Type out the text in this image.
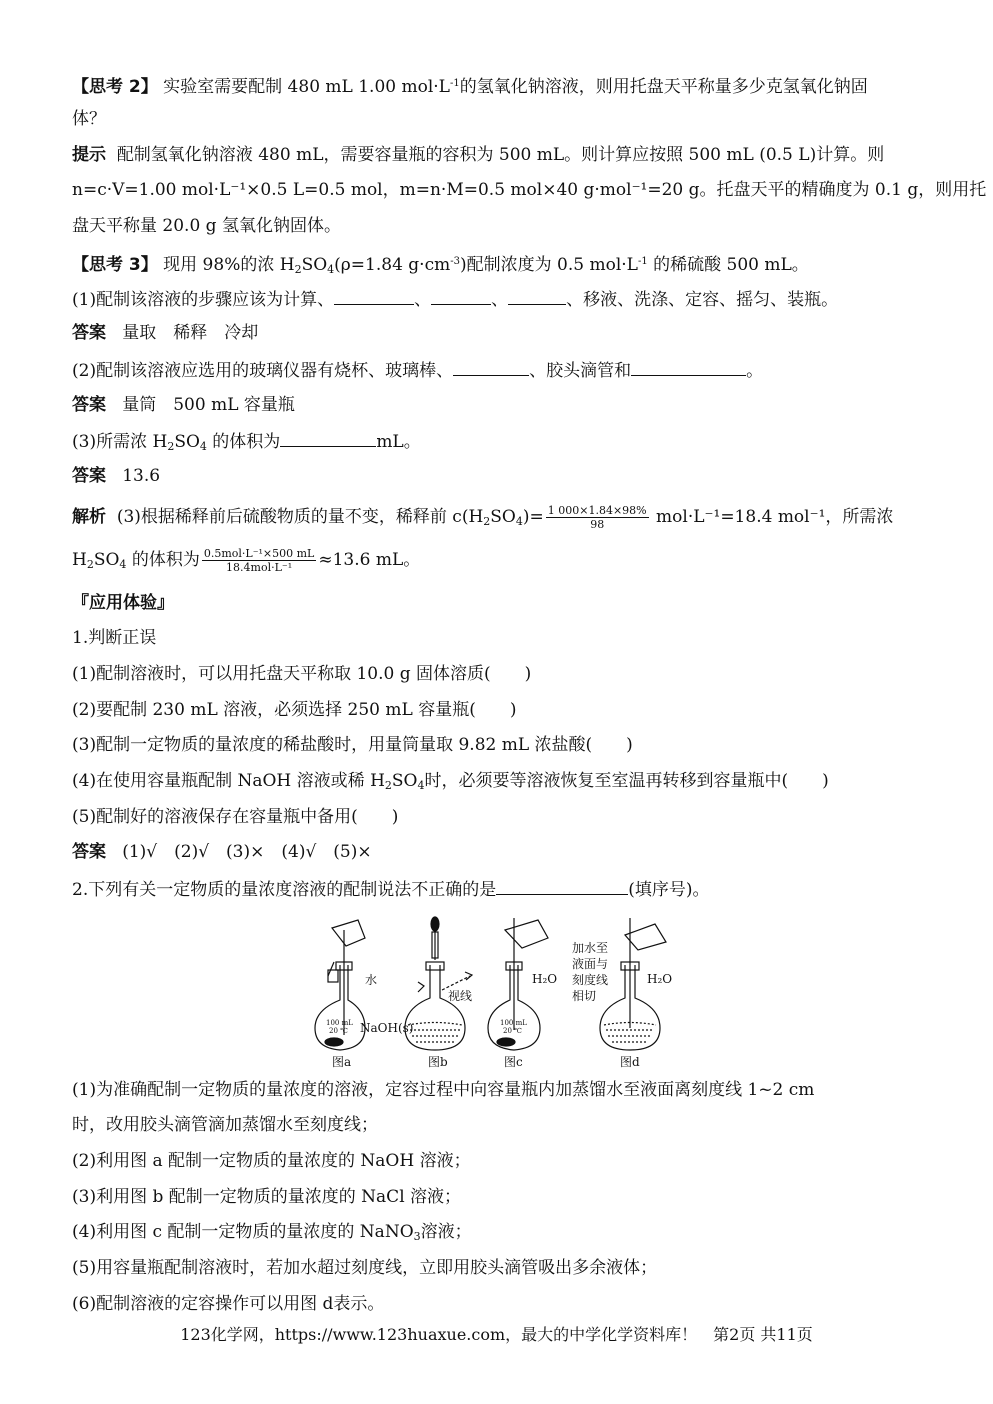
【思考 2】 实验室需要配制 480 mL 1.00 $mol\cdot L^{-1}$的氢氧化钠溶液，则用托盘天平称量多少克氢氧化钠固
体？
提示 配制氢氧化钠溶液 480 mL，需要容量瓶的容积为 500 mL。则计算应按照 500 mL (0.5 L)计算。则
n=c·V=1.00 mol·L⁻¹×0.5 L=0.5 mol，m=n·M=0.5 mol×40 g·mol⁻¹=20 g。托盘天平的精确度为 0.1 g，则用托
盘天平称量 20.0 g 氢氧化钠固体。
【思考 3】 现用 98%的浓 $H_2SO_4(\rho=1.84$ $g\cdot cm^{-3}$)配制浓度为 0.5 $mol\cdot L^{-1}$ 的稀硫酸 500 mL。
(1)配制该溶液的步骤应该为计算、	、	、	、移液、洗涤、定容、摇匀、装瓶。
答案 量取　稀释　冷却
(2)配制该溶液应选用的玻璃仪器有烧杯、玻璃棒、	、胶头滴管和	。
答案 量筒　500 mL 容量瓶
(3)所需浓 $H_2SO_4$ 的体积为	mL。
答案 13.6
解析 (3)根据稀释前后硫酸物质的量不变，稀释前 $c(H_2SO_4)= \frac{1 000\times 1.84\times 98\%}{98} mol\cdot L^{-1}=18.4$ mol⁻¹，所需浓
$H_2SO_4$ 的体积为 $\frac{\text{0.5mol·L⁻¹×500 mL}}{\text{18.4mol·L⁻¹}} \approx 13.6$ mL。
『应用体验』
1.判断正误
(1)配制溶液时，可以用托盘天平称取 10.0 g 固体溶质(　　)
(2)要配制 230 mL 溶液，必须选择 250 mL 容量瓶(　　)
(3)配制一定物质的量浓度的稀盐酸时，用量筒量取 9.82 mL 浓盐酸(　　)
(4)在使用容量瓶配制 NaOH 溶液或稀 $H_2SO_4$时，必须要等溶液恢复至室温再转移到容量瓶中(　　)
(5)配制好的溶液保存在容量瓶中备用(　　)
答案 (1)√　(2)√　(3)×　(4)√　(5)×
2.下列有关一定物质的量浓度溶液的配制说法不正确的是	(填序号)。
水
NaOH(s)
100 mL
20 ℃
视线
H₂O
100 mL
20 ℃
加水至
液面与
刻度线
相切
H₂O
图a	图b	图c	图d
(1)为准确配制一定物质的量浓度的溶液，定容过程中向容量瓶内加蒸馏水至液面离刻度线 1~2 cm
时，改用胶头滴管滴加蒸馏水至刻度线；
(2)利用图 a 配制一定物质的量浓度的 NaOH 溶液；
(3)利用图 b 配制一定物质的量浓度的 NaCl 溶液；
(4)利用图 c 配制一定物质的量浓度的 NaNO$_3$溶液；
(5)用容量瓶配制溶液时，若加水超过刻度线，立即用胶头滴管吸出多余液体；
(6)配制溶液的定容操作可以用图 d表示。
123化学网，https://www.123huaxue.com，最大的中学化学资料库！　第2页 共11页
